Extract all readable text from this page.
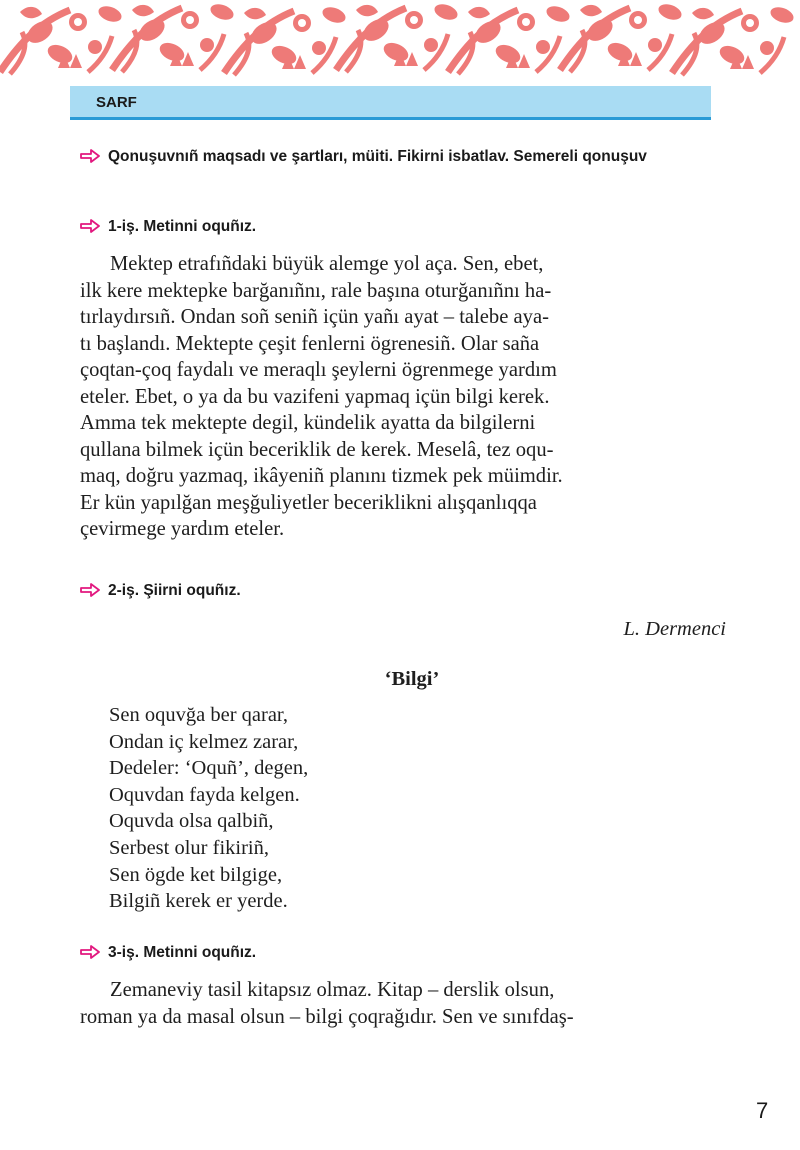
SARF
Qonuşuvnıñ maqsadı ve şartları, müiti. Fikirni isbatlav. Semereli qonuşuv
1-iş. Metinni oquñız.
Mektep etrafıñdaki büyük alemge yol açа. Sen, ebet,
ilk kere mektepke barğanıñnı, rale başına oturğanıñnı ha-
tırlaydırsıñ. Ondan soñ seniñ içün yañı ayat – talebe aya-
tı başlandı. Mektepte çeşit fenlerni ögrenesiñ. Olar saña
çoqtan-çoq faydalı ve meraqlı şeylerni ögrenmege yardım
eteler. Ebet, o ya da bu vazifeni yapmaq içün bilgi kerek.
Amma tek mektepte degil, kündelik ayatta da bilgilerni
qullana bilmek içün beceriklik de kerek. Meselâ, tez oqu-
maq, doğru yazmaq, ikâyeniñ planını tizmek pek müimdir.
Er kün yapılğan meşğuliyetler beceriklikni alışqanlıqqa
çevirmege yardım eteler.
2-iş. Şiirni oquñız.
L. Dermenci
‘Bilgi’
Sen oquvğa ber qarar,
Ondan iç kelmez zarar,
Dedeler: ‘Oquñ’, degen,
Oquvdan fayda kelgen.
Oquvda olsa qalbiñ,
Serbest olur fikiriñ,
Sen ögde ket bilgige,
Bilgiñ kerek er yerde.
3-iş. Metinni oquñız.
Zemaneviy tasil kitapsız olmaz. Kitap – derslik olsun,
roman ya da masal olsun – bilgi çoqrağıdır. Sen ve sınıfdaş-
7
